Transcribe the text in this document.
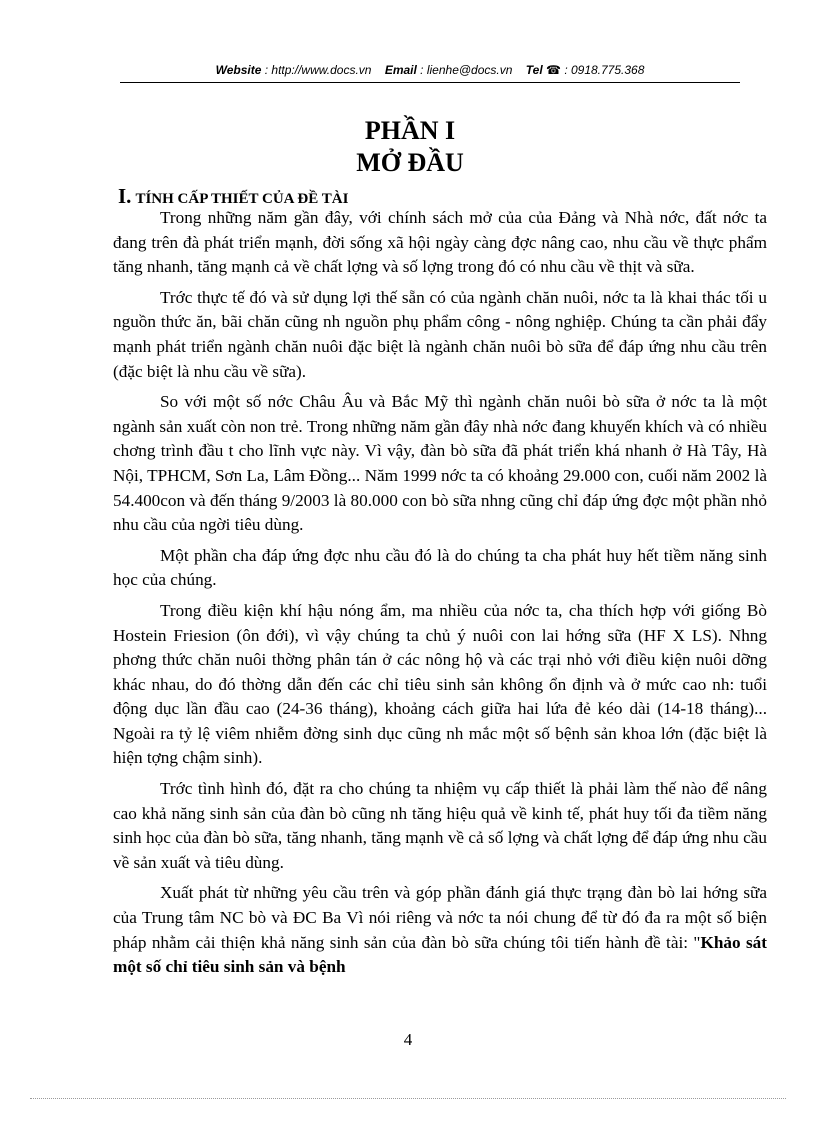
Website : http://www.docs.vn Email : lienhe@docs.vn Tel ☎ : 0918.775.368
PHẦN I
MỞ ĐẦU
I. TÍNH CẤP THIẾT CỦA ĐỀ TÀI

Trong những năm gần đây, với chính sách mở của của Đảng và Nhà nớc, đất nớc ta đang trên đà phát triển mạnh, đời sống xã hội ngày càng đợc nâng cao, nhu cầu về thực phẩm tăng nhanh, tăng mạnh cả về chất lợng và số lợng trong đó có nhu cầu về thịt và sữa.

Trớc thực tế đó và sử dụng lợi thế sẵn có của ngành chăn nuôi, nớc ta là khai thác tối u nguồn thức ăn, bãi chăn cũng nh nguồn phụ phẩm công - nông nghiệp. Chúng ta cần phải đẩy mạnh phát triển ngành chăn nuôi đặc biệt là ngành chăn nuôi bò sữa để đáp ứng nhu cầu trên (đặc biệt là nhu cầu về sữa).

So với một số nớc Châu Âu và Bắc Mỹ thì ngành chăn nuôi bò sữa ở nớc ta là một ngành sản xuất còn non trẻ. Trong những năm gần đây nhà nớc đang khuyến khích và có nhiều chơng trình đầu t cho lĩnh vực này. Vì vậy, đàn bò sữa đã phát triển khá nhanh ở Hà Tây, Hà Nội, TPHCM, Sơn La, Lâm Đồng... Năm 1999 nớc ta có khoảng 29.000 con, cuối năm 2002 là 54.400con và đến tháng 9/2003 là 80.000 con bò sữa nhng cũng chỉ đáp ứng đợc một phần nhỏ nhu cầu của ngời tiêu dùng.

Một phần cha đáp ứng đợc nhu cầu đó là do chúng ta cha phát huy hết tiềm năng sinh học của chúng.

Trong điều kiện khí hậu nóng ẩm, ma nhiều của nớc ta, cha thích hợp với giống Bò Hostein Friesion (ôn đới), vì vậy chúng ta chủ ý nuôi con lai hớng sữa (HF X LS). Nhng phơng thức chăn nuôi thờng phân tán ở các nông hộ và các trại nhỏ với điều kiện nuôi dỡng khác nhau, do đó thờng dẫn đến các chỉ tiêu sinh sản không ổn định và ở mức cao nh: tuổi động dục lần đầu cao (24-36 tháng), khoảng cách giữa hai lứa đẻ kéo dài (14-18 tháng)... Ngoài ra tỷ lệ viêm nhiễm đờng sinh dục cũng nh mắc một số bệnh sản khoa lớn (đặc biệt là hiện tợng chậm sinh).

Trớc tình hình đó, đặt ra cho chúng ta nhiệm vụ cấp thiết là phải làm thế nào để nâng cao khả năng sinh sản của đàn bò cũng nh tăng hiệu quả về kinh tế, phát huy tối đa tiềm năng sinh học của đàn bò sữa, tăng nhanh, tăng mạnh về cả số lợng và chất lợng để đáp ứng nhu cầu về sản xuất và tiêu dùng.

Xuất phát từ những yêu cầu trên và góp phần đánh giá thực trạng đàn bò lai hớng sữa của Trung tâm NC bò và ĐC Ba Vì nói riêng và nớc ta nói chung để từ đó đa ra một số biện pháp nhằm cải thiện khả năng sinh sản của đàn bò sữa chúng tôi tiến hành đề tài: "Khảo sát một số chỉ tiêu sinh sản và bệnh

4
